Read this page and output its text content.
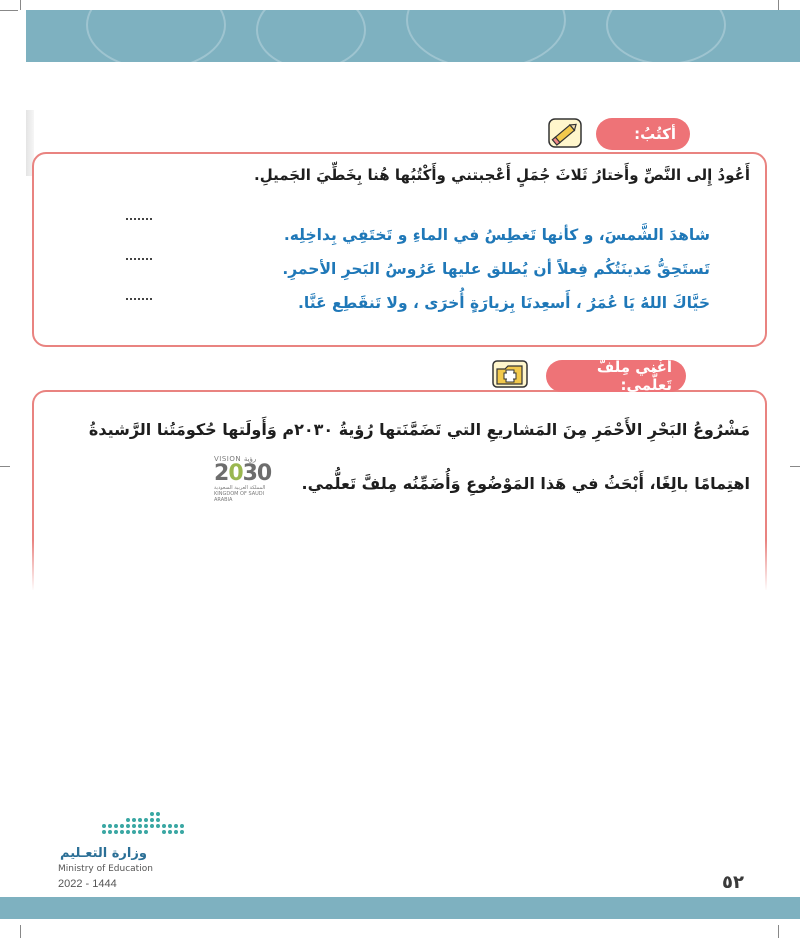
أكتُبُ:
أَعُودُ إِلى النَّصِّ وأَختارُ ثَلاثَ جُمَلٍ أَعْجبتني وأَكْتُبُها هُنا بِخَطِّيَ الجَميلِ.
شاهدَ الشَّمسَ، و كأنها تَغطِسُ في الماءِ و تَختَفِي بِداخِلِه.
تَستَحِقُّ مَدينَتُكُم فِعلاً أن يُطلق عليها عَرُوسُ البَحرِ الأحمرِ.
حَيَّاكَ اللهُ يَا عُمَرُ ، أَسعِدنَا بِزيارَةٍ أُخرَى ، ولا تَنقَطِع عَنَّا.
أُغْني مِلفَّ تَعلُّمي:
مَشْرُوعُ البَحْرِ الأَحْمَرِ مِنَ المَشاريعِ التي تَضَمَّنَتها رُؤيةُ ٢٠٣٠م وَأَولَتها حُكومَتُنا الرَّشيدةُ
اهتِمامًا بالِغًا، أَبْحَثُ في هَذا المَوْضُوعِ وَأُضَمِّنُه مِلفَّ تَعلُّمي.
VISION رؤية
2030
المملكة العربية السعودية KINGDOM OF SAUDI ARABIA
وزارة التعـليم
Ministry of Education
2022 - 1444	٥٢
